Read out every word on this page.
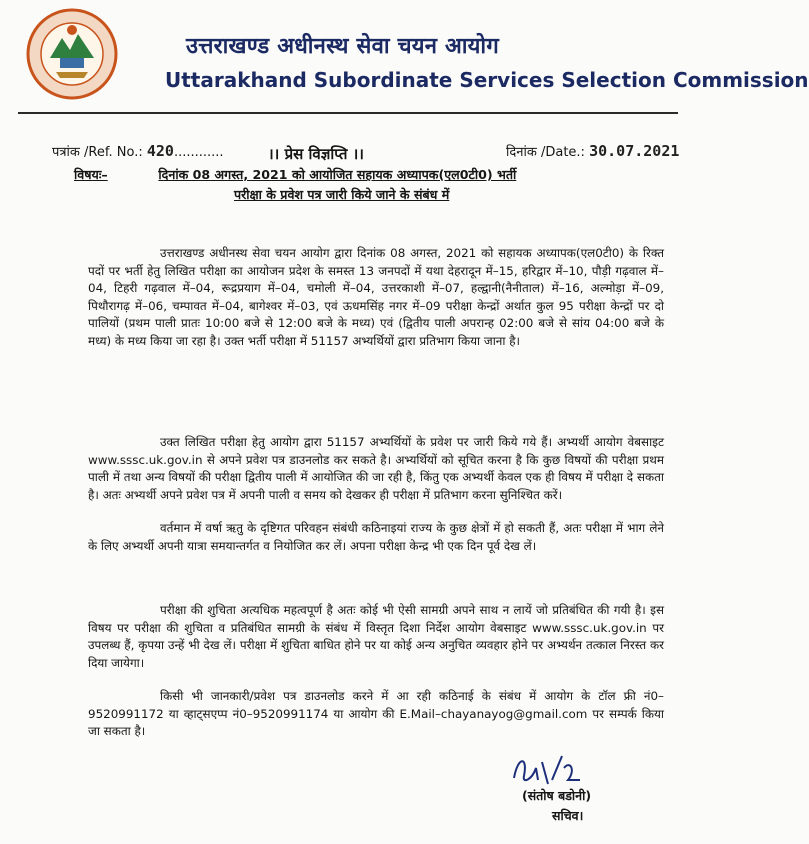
उत्तराखण्ड अधीनस्थ सेवा चयन आयोग
Uttarakhand Subordinate Services Selection Commission
पत्रांक /Ref. No.: 420............	।। प्रेस विज्ञप्ति ।।	दिनांक /Date.: 30.07.2021
विषयः–	दिनांक 08 अगस्त, 2021 को आयोजित सहायक अध्यापक(एल0टी0) भर्ती
परीक्षा के प्रवेश पत्र जारी किये जाने के संबंध में

उत्तराखण्ड अधीनस्थ सेवा चयन आयोग द्वारा दिनांक 08 अगस्त, 2021 को सहायक अध्यापक(एल0टी0) के रिक्त पदों पर भर्ती हेतु लिखित परीक्षा का आयोजन प्रदेश के समस्त 13 जनपदों में यथा देहरादून में–15, हरिद्वार में–10, पौड़ी गढ़वाल में–04, टिहरी गढ़वाल में–04, रूद्रप्रयाग में–04, चमोली में–04, उत्तरकाशी में–07, हल्द्वानी(नैनीताल) में–16, अल्मोड़ा में–09, पिथौरागढ़ में–06, चम्पावत में–04, बागेश्वर में–03, एवं ऊधमसिंह नगर में–09 परीक्षा केन्द्रों अर्थात कुल 95 परीक्षा केन्द्रों पर दो पालियों (प्रथम पाली प्रातः 10:00 बजे से 12:00 बजे के मध्य) एवं (द्वितीय पाली अपरान्ह 02:00 बजे से सांय 04:00 बजे के मध्य) के मध्य किया जा रहा है। उक्त भर्ती परीक्षा में 51157 अभ्यर्थियों द्वारा प्रतिभाग किया जाना है।

उक्त लिखित परीक्षा हेतु आयोग द्वारा 51157 अभ्यर्थियों के प्रवेश पर जारी किये गये हैं। अभ्यर्थी आयोग वेबसाइट www.sssc.uk.gov.in से अपने प्रवेश पत्र डाउनलोड कर सकते है। अभ्यर्थियों को सूचित करना है कि कुछ विषयों की परीक्षा प्रथम पाली में तथा अन्य विषयों की परीक्षा द्वितीय पाली में आयोजित की जा रही है, किंतु एक अभ्यर्थी केवल एक ही विषय में परीक्षा दे सकता है। अतः अभ्यर्थी अपने प्रवेश पत्र में अपनी पाली व समय को देखकर ही परीक्षा में प्रतिभाग करना सुनिश्चित करें।

वर्तमान में वर्षा ऋतु के दृष्टिगत परिवहन संबंधी कठिनाइयां राज्य के कुछ क्षेत्रों में हो सकती हैं, अतः परीक्षा में भाग लेने के लिए अभ्यर्थी अपनी यात्रा समयान्तर्गत व नियोजित कर लें। अपना परीक्षा केन्द्र भी एक दिन पूर्व देख लें।

परीक्षा की शुचिता अत्यधिक महत्वपूर्ण है अतः कोई भी ऐसी सामग्री अपने साथ न लायें जो प्रतिबंधित की गयी है। इस विषय पर परीक्षा की शुचिता व प्रतिबंधित सामग्री के संबंध में विस्तृत दिशा निर्देश आयोग वेबसाइट www.sssc.uk.gov.in पर उपलब्ध हैं, कृपया उन्हें भी देख लें। परीक्षा में शुचिता बाधित होने पर या कोई अन्य अनुचित व्यवहार होने पर अभ्यर्थन तत्काल निरस्त कर दिया जायेगा।

किसी भी जानकारी/प्रवेश पत्र डाउनलोड करने में आ रही कठिनाई के संबंध में आयोग के टॉल फ्री नं0–9520991172 या व्हाट्सएप्प नं0–9520991174 या आयोग की E.Mail–chayanayog@gmail.com पर सम्पर्क किया जा सकता है।

(संतोष बडोनी)
सचिव।
